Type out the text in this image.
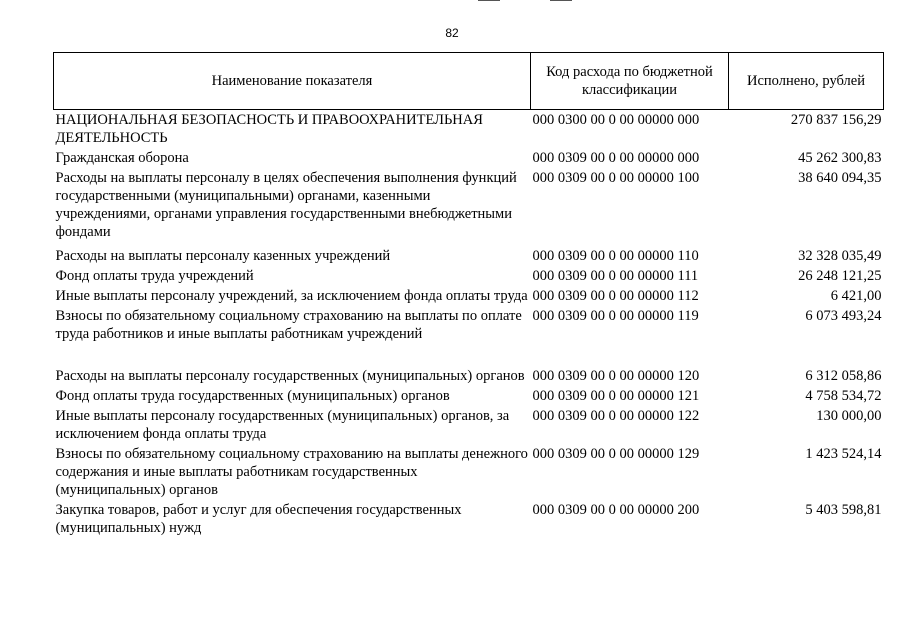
82
Наименование показателя	Код расхода по бюджетной классификации	Исполнено, рублей
НАЦИОНАЛЬНАЯ БЕЗОПАСНОСТЬ И ПРАВООХРАНИТЕЛЬНАЯ ДЕЯТЕЛЬНОСТЬ	000 0300 00 0 00 00000 000	270 837 156,29
Гражданская оборона	000 0309 00 0 00 00000 000	45 262 300,83
Расходы на выплаты персоналу в целях обеспечения выполнения функций государственными (муниципальными) органами, казенными учреждениями, органами управления государственными внебюджетными фондами	000 0309 00 0 00 00000 100	38 640 094,35
Расходы на выплаты персоналу казенных учреждений	000 0309 00 0 00 00000 110	32 328 035,49
Фонд оплаты труда учреждений	000 0309 00 0 00 00000 111	26 248 121,25
Иные выплаты персоналу учреждений, за исключением фонда оплаты труда	000 0309 00 0 00 00000 112	6 421,00
Взносы по обязательному социальному страхованию на выплаты по оплате труда работников и иные выплаты работникам учреждений	000 0309 00 0 00 00000 119	6 073 493,24
Расходы на выплаты персоналу государственных (муниципальных) органов	000 0309 00 0 00 00000 120	6 312 058,86
Фонд оплаты труда государственных (муниципальных) органов	000 0309 00 0 00 00000 121	4 758 534,72
Иные выплаты персоналу государственных (муниципальных) органов, за исключением фонда оплаты труда	000 0309 00 0 00 00000 122	130 000,00
Взносы по обязательному социальному страхованию на выплаты денежного содержания и иные выплаты работникам государственных (муниципальных) органов	000 0309 00 0 00 00000 129	1 423 524,14
Закупка товаров, работ и услуг для обеспечения государственных (муниципальных) нужд	000 0309 00 0 00 00000 200	5 403 598,81
